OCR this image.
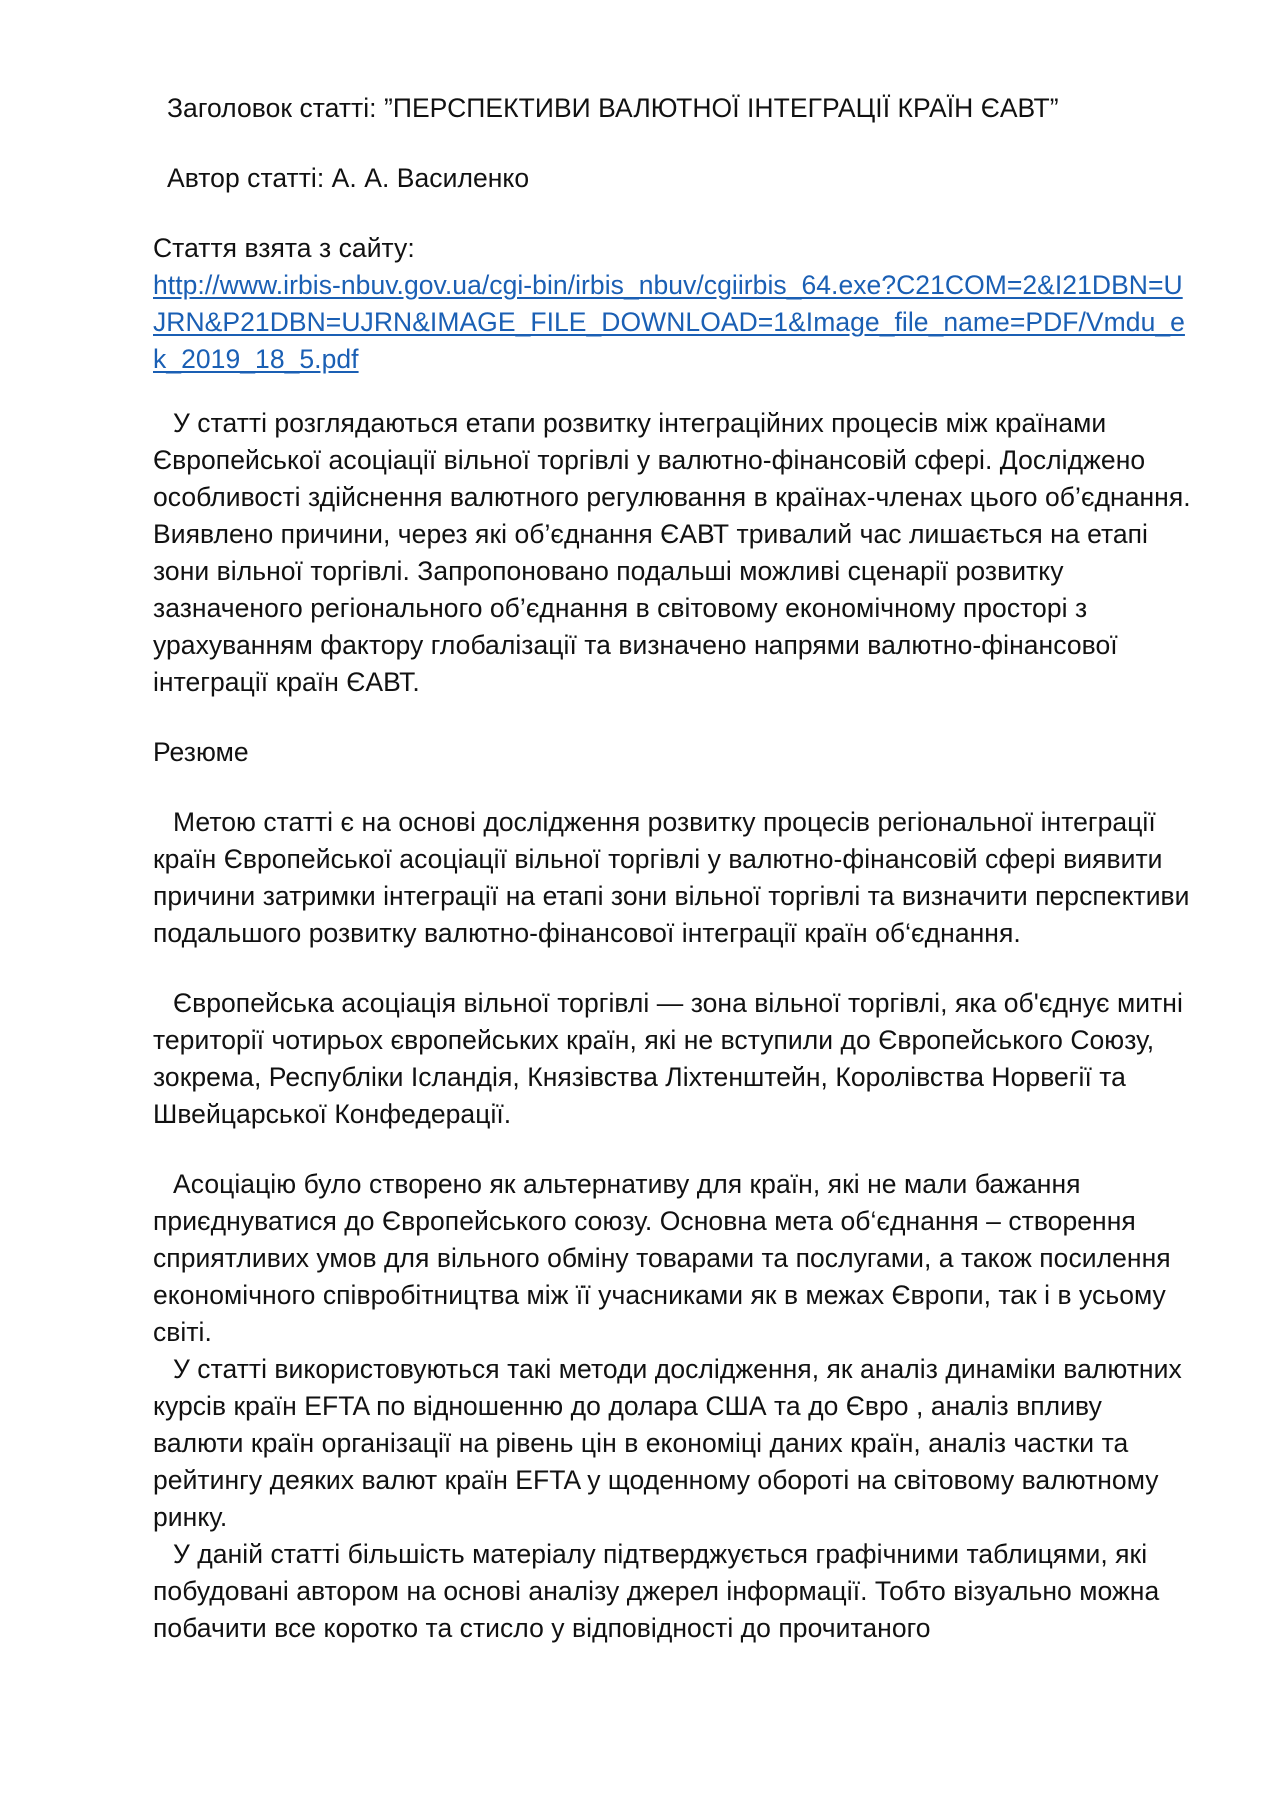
Заголовок статті: ”ПЕРСПЕКТИВИ ВАЛЮТНОЇ ІНТЕГРАЦІЇ КРАЇН ЄАВТ”

Автор статті: А. А. Василенко

Стаття взята з сайту:

http://www.irbis-nbuv.gov.ua/cgi-bin/irbis_nbuv/cgiirbis_64.exe?C21COM=2&I21DBN=UJRN&P21DBN=UJRN&IMAGE_FILE_DOWNLOAD=1&Image_file_name=PDF/Vmdu_ek_2019_18_5.pdf

У статті розглядаються етапи розвитку інтеграційних процесів між країнами Європейської асоціації вільної торгівлі у валютно-фінансовій сфері. Досліджено особливості здійснення валютного регулювання в країнах-членах цього об’єднання. Виявлено причини, через які об’єднання ЄАВТ тривалий час лишається на етапі зони вільної торгівлі. Запропоновано подальші можливі сценарії розвитку зазначеного регіонального об’єднання в світовому економічному просторі з урахуванням фактору глобалізації та визначено напрями валютно-фінансової інтеграції країн ЄАВТ.

Резюме

Метою статті є на основі дослідження розвитку процесів регіональної інтеграції країн Європейської асоціації вільної торгівлі у валютно-фінансовій сфері виявити причини затримки інтеграції на етапі зони вільної торгівлі та визначити перспективи подальшого розвитку валютно-фінансової інтеграції країн об‘єднання.

Європейська асоціація вільної торгівлі — зона вільної торгівлі, яка об'єднує митні території чотирьох європейських країн, які не вступили до Європейського Союзу, зокрема, Республіки Ісландія, Князівства Ліхтенштейн, Королівства Норвегії та Швейцарської Конфедерації.

Асоціацію було створено як альтернативу для країн, які не мали бажання приєднуватися до Європейського союзу. Основна мета об‘єднання – створення сприятливих умов для вільного обміну товарами та послугами, а також посилення економічного співробітництва між її учасниками як в межах Європи, так і в усьому світі.

У статті використовуються такі методи дослідження, як аналіз динаміки валютних курсів країн EFTA по відношенню до долара США та до Євро , аналіз впливу валюти країн організації на рівень цін в економіці даних країн, аналіз частки та рейтингу деяких валют країн EFTA у щоденному обороті на світовому валютному ринку.

У даній статті більшість матеріалу підтверджується графічними таблицями, які побудовані автором на основі аналізу джерел інформації. Тобто візуально можна побачити все коротко та стисло у відповідності до прочитаного
